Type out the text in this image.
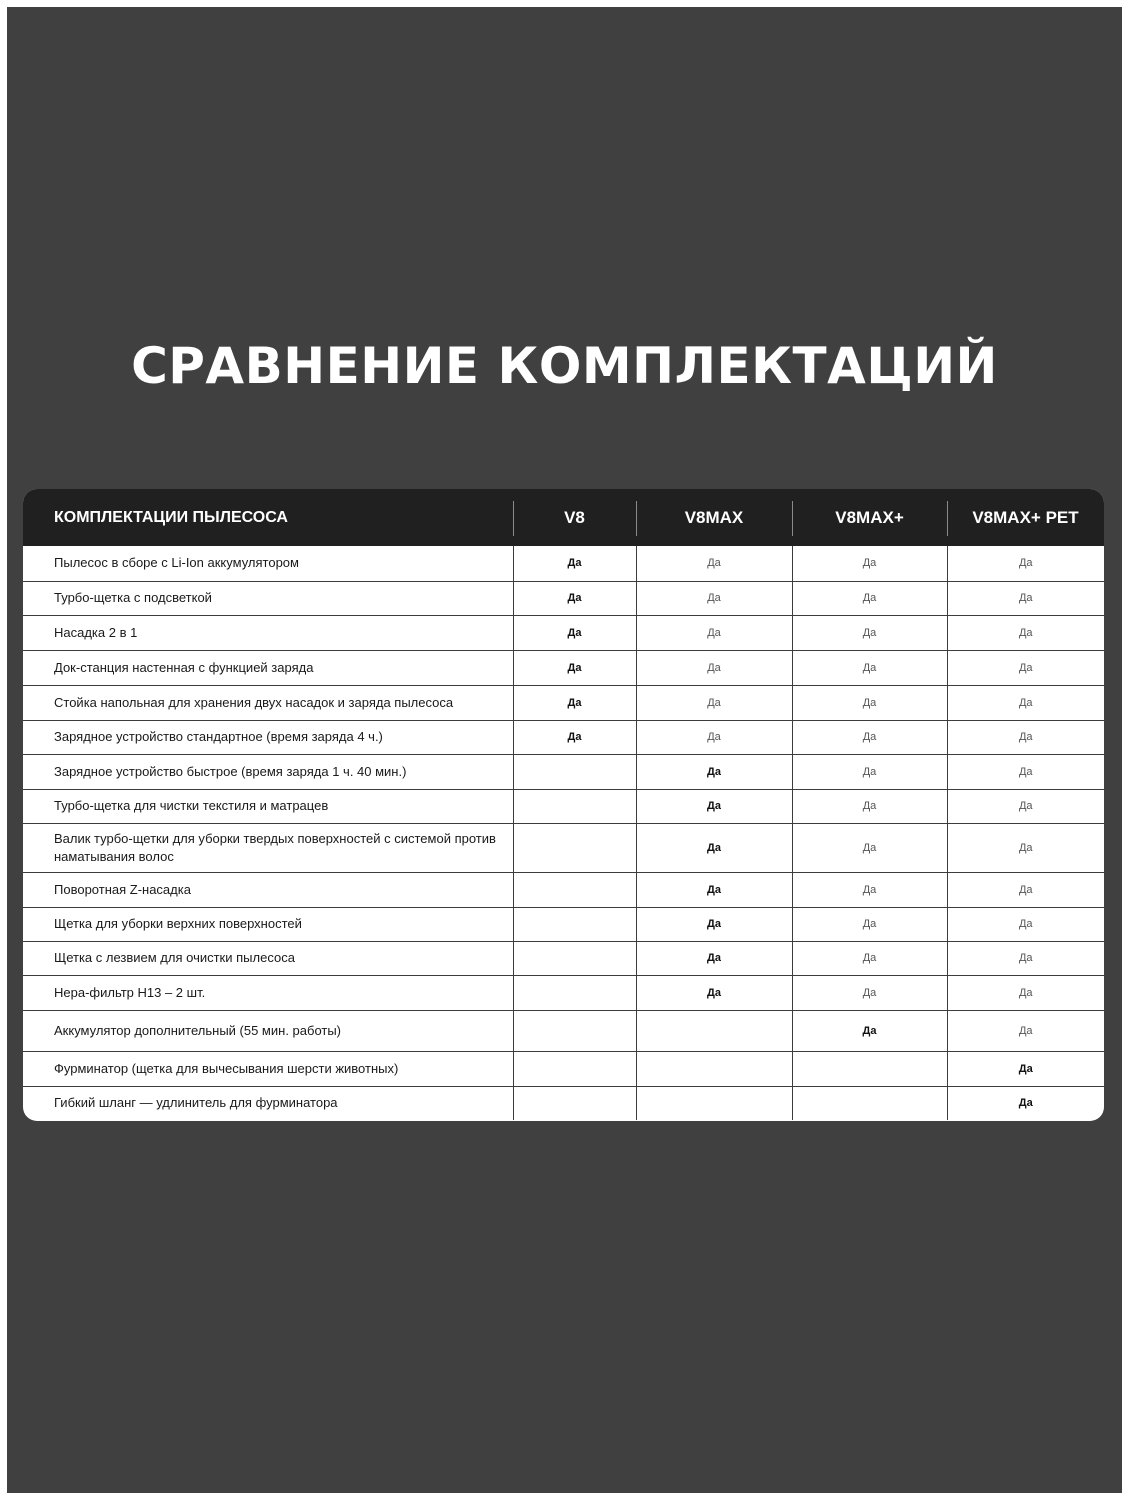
СРАВНЕНИЕ КОМПЛЕКТАЦИЙ
КОМПЛЕКТАЦИИ ПЫЛЕСОСА	V8	V8MAX	V8MAX+	V8MAX+ PET
Пылесос в сборе с Li-Ion аккумулятором	Да	Да	Да	Да
Турбо-щетка с подсветкой	Да	Да	Да	Да
Насадка 2 в 1	Да	Да	Да	Да
Док-станция настенная с функцией заряда	Да	Да	Да	Да
Стойка напольная для хранения двух насадок и заряда пылесоса	Да	Да	Да	Да
Зарядное устройство стандартное (время заряда 4 ч.)	Да	Да	Да	Да
Зарядное устройство быстрое (время заряда 1 ч. 40 мин.)		Да	Да	Да
Турбо-щетка для чистки текстиля и матрацев		Да	Да	Да
Валик турбо-щетки для уборки твердых поверхностей с системой против наматывания волос		Да	Да	Да
Поворотная Z-насадка		Да	Да	Да
Щетка для уборки верхних поверхностей		Да	Да	Да
Щетка с лезвием для очистки пылесоса		Да	Да	Да
Нера-фильтр Н13 – 2 шт.		Да	Да	Да
Аккумулятор дополнительный (55 мин. работы)			Да	Да
Фурминатор (щетка для вычесывания шерсти животных)				Да
Гибкий шланг — удлинитель для фурминатора				Да
